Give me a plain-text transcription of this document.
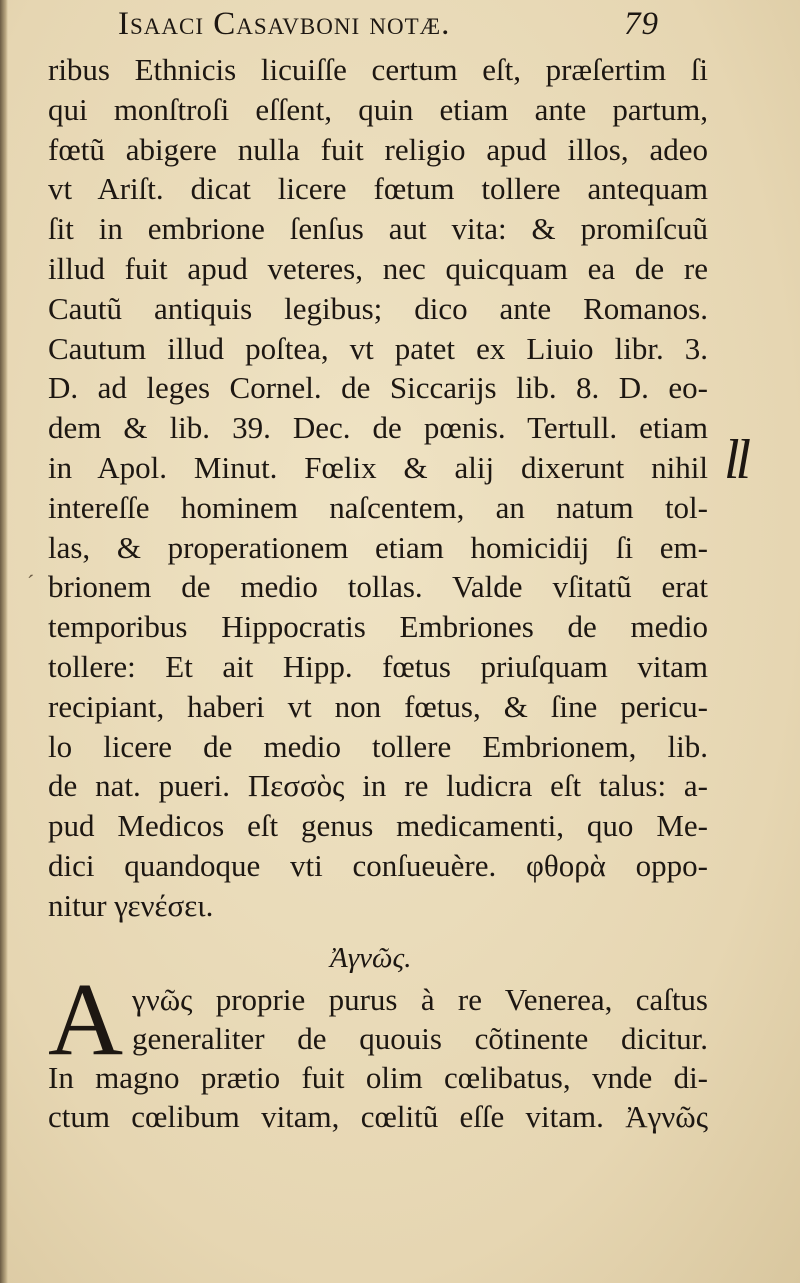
Isaaci Casavboni notæ.	79
ribus Ethnicis licuiſſe certum eſt, præſertim ſi
qui monſtroſi eſſent, quin etiam ante partum,
fœtũ abigere nulla fuit religio apud illos, adeo
vt Ariſt. dicat licere fœtum tollere antequam
ſit in embrione ſenſus aut vita: & promiſcuũ
illud fuit apud veteres, nec quicquam ea de re
Cautũ antiquis legibus; dico ante Romanos.
Cautum illud poſtea, vt patet ex Liuio libr. 3.
D. ad leges Cornel. de Siccarijs lib. 8. D. eo-
dem & lib. 39. Dec. de pœnis. Tertull. etiam
in Apol. Minut. Fœlix & alij dixerunt nihil
intereſſe hominem naſcentem, an natum tol-
las, & properationem etiam homicidij ſi em-
brionem de medio tollas. Valde vſitatũ erat
temporibus Hippocratis Embriones de medio
tollere: Et ait Hipp. fœtus priuſquam vitam
recipiant, haberi vt non fœtus, & ſine pericu-
lo licere de medio tollere Embrionem, lib.
de nat. pueri. Πεσσὸς in re ludicra eſt talus: a-
pud Medicos eſt genus medicamenti, quo Me-
dici quandoque vti conſueuère. φθορὰ oppo-
nitur γενέσει.
Ἀγνῶς.
A γνῶς proprie purus à re Venerea, caſtus
generaliter de quouis cõtinente dicitur.
In magno prætio fuit olim cœlibatus, vnde di-
ctum cœlibum vitam, cœlitũ eſſe vitam. Ἀγνῶς
ll
´
